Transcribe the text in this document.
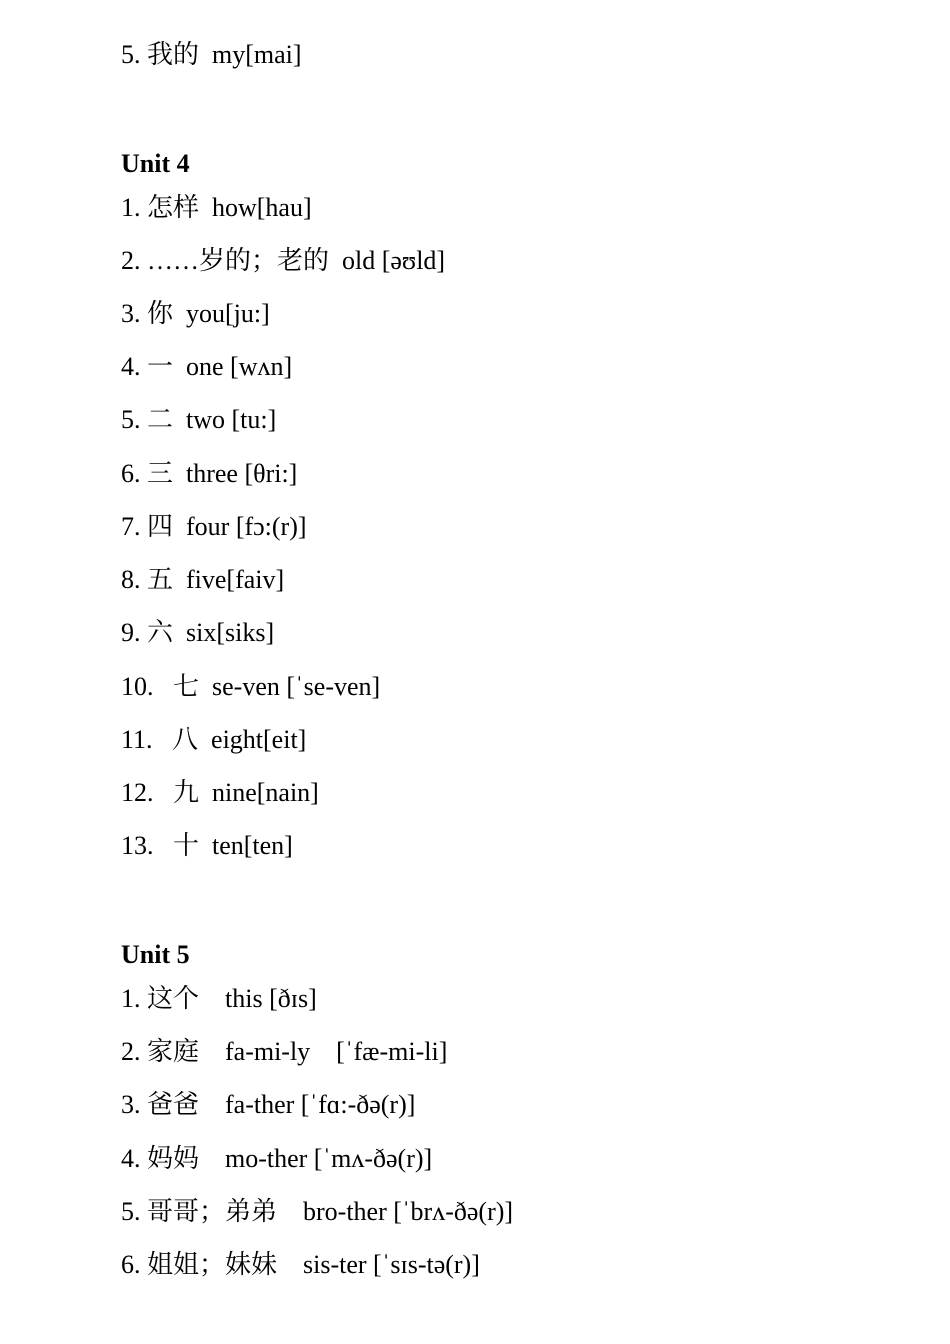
5. 我的  my[mai]
Unit 4
1. 怎样  how[hau]
2. ……岁的；老的  old [əʊld]
3. 你  you[ju:]
4. 一  one [wʌn]
5. 二  two [tu:]
6. 三  three [θri:]
7. 四  four [fɔ:(r)]
8. 五  five[faiv]
9. 六  six[siks]
10.   七  se-ven [ˈse-ven]
11.   八  eight[eit]
12.   九  nine[nain]
13.   十  ten[ten]
Unit 5
1. 这个    this [ðɪs]
2. 家庭    fa-mi-ly    [ˈfæ-mi-li]
3. 爸爸    fa-ther [ˈfɑ:-ðə(r)]
4. 妈妈    mo-ther [ˈmʌ-ðə(r)]
5. 哥哥；弟弟    bro-ther [ˈbrʌ-ðə(r)]
6. 姐姐；妹妹    sis-ter [ˈsɪs-tə(r)]
